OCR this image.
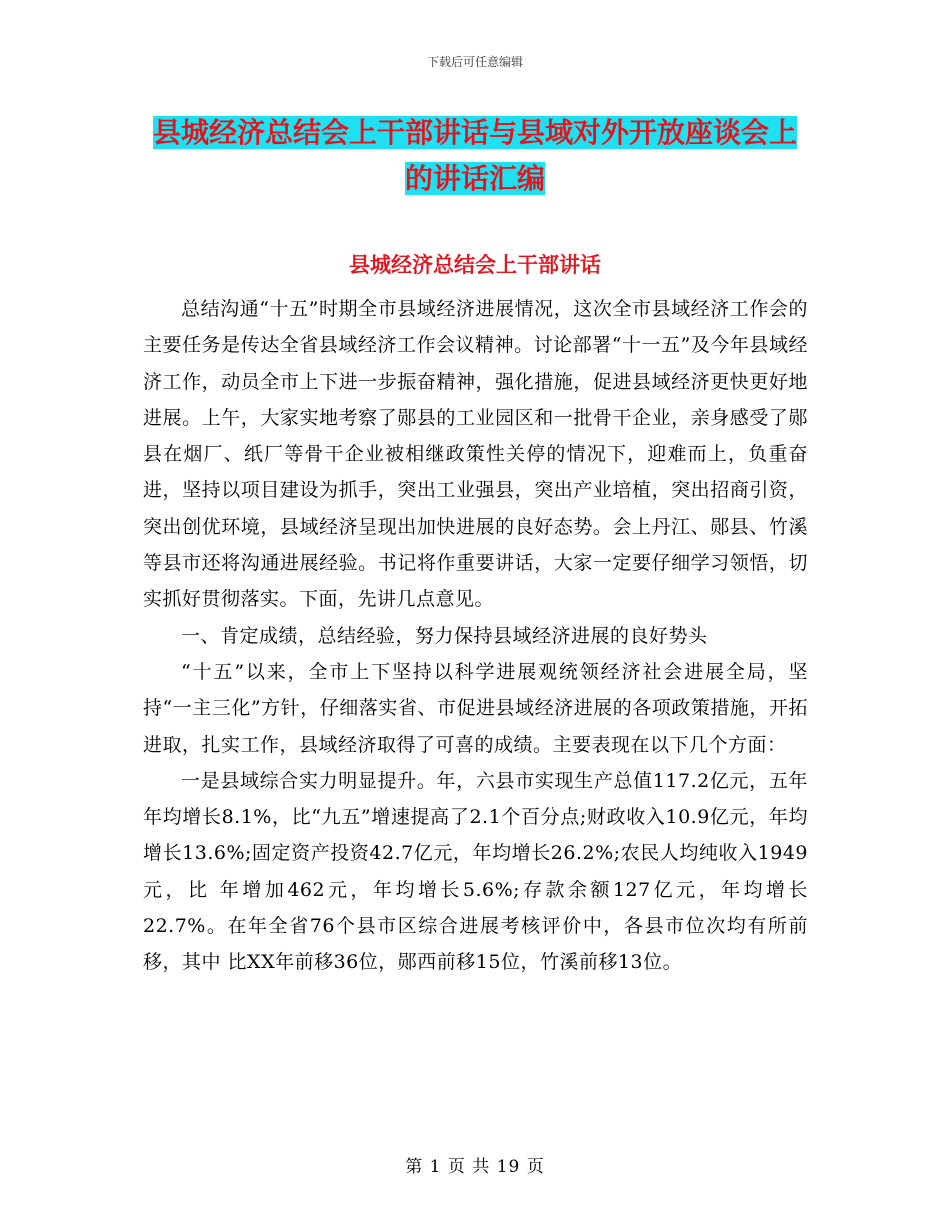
下载后可任意编辑
县城经济总结会上干部讲话与县域对外开放座谈会上
的讲话汇编
县城经济总结会上干部讲话

总结沟通“十五”时期全市县域经济进展情况，这次全市县域经济工作会的主要任务是传达全省县域经济工作会议精神。讨论部署“十一五”及今年县域经济工作，动员全市上下进一步振奋精神，强化措施，促进县域经济更快更好地进展。上午，大家实地考察了郧县的工业园区和一批骨干企业，亲身感受了郧县在烟厂、纸厂等骨干企业被相继政策性关停的情况下，迎难而上，负重奋进，坚持以项目建设为抓手，突出工业强县，突出产业培植，突出招商引资，突出创优环境，县域经济呈现出加快进展的良好态势。会上丹江、郧县、竹溪等县市还将沟通进展经验。书记将作重要讲话，大家一定要仔细学习领悟，切实抓好贯彻落实。下面，先讲几点意见。

一、肯定成绩，总结经验，努力保持县域经济进展的良好势头

“十五”以来，全市上下坚持以科学进展观统领经济社会进展全局，坚持“一主三化”方针，仔细落实省、市促进县域经济进展的各项政策措施，开拓进取，扎实工作，县域经济取得了可喜的成绩。主要表现在以下几个方面：

一是县域综合实力明显提升。年，六县市实现生产总值117.2亿元，五年年均增长8.1%，比“九五”增速提高了2.1个百分点;财政收入10.9亿元，年均增长13.6%;固定资产投资42.7亿元，年均增长26.2%;农民人均纯收入1949元，比 年增加462元，年均增长5.6%;存款余额127亿元，年均增长22.7%。在年全省76个县市区综合进展考核评价中，各县市位次均有所前移，其中 比XX年前移36位，郧西前移15位，竹溪前移13位。

第 1 页 共 19 页
